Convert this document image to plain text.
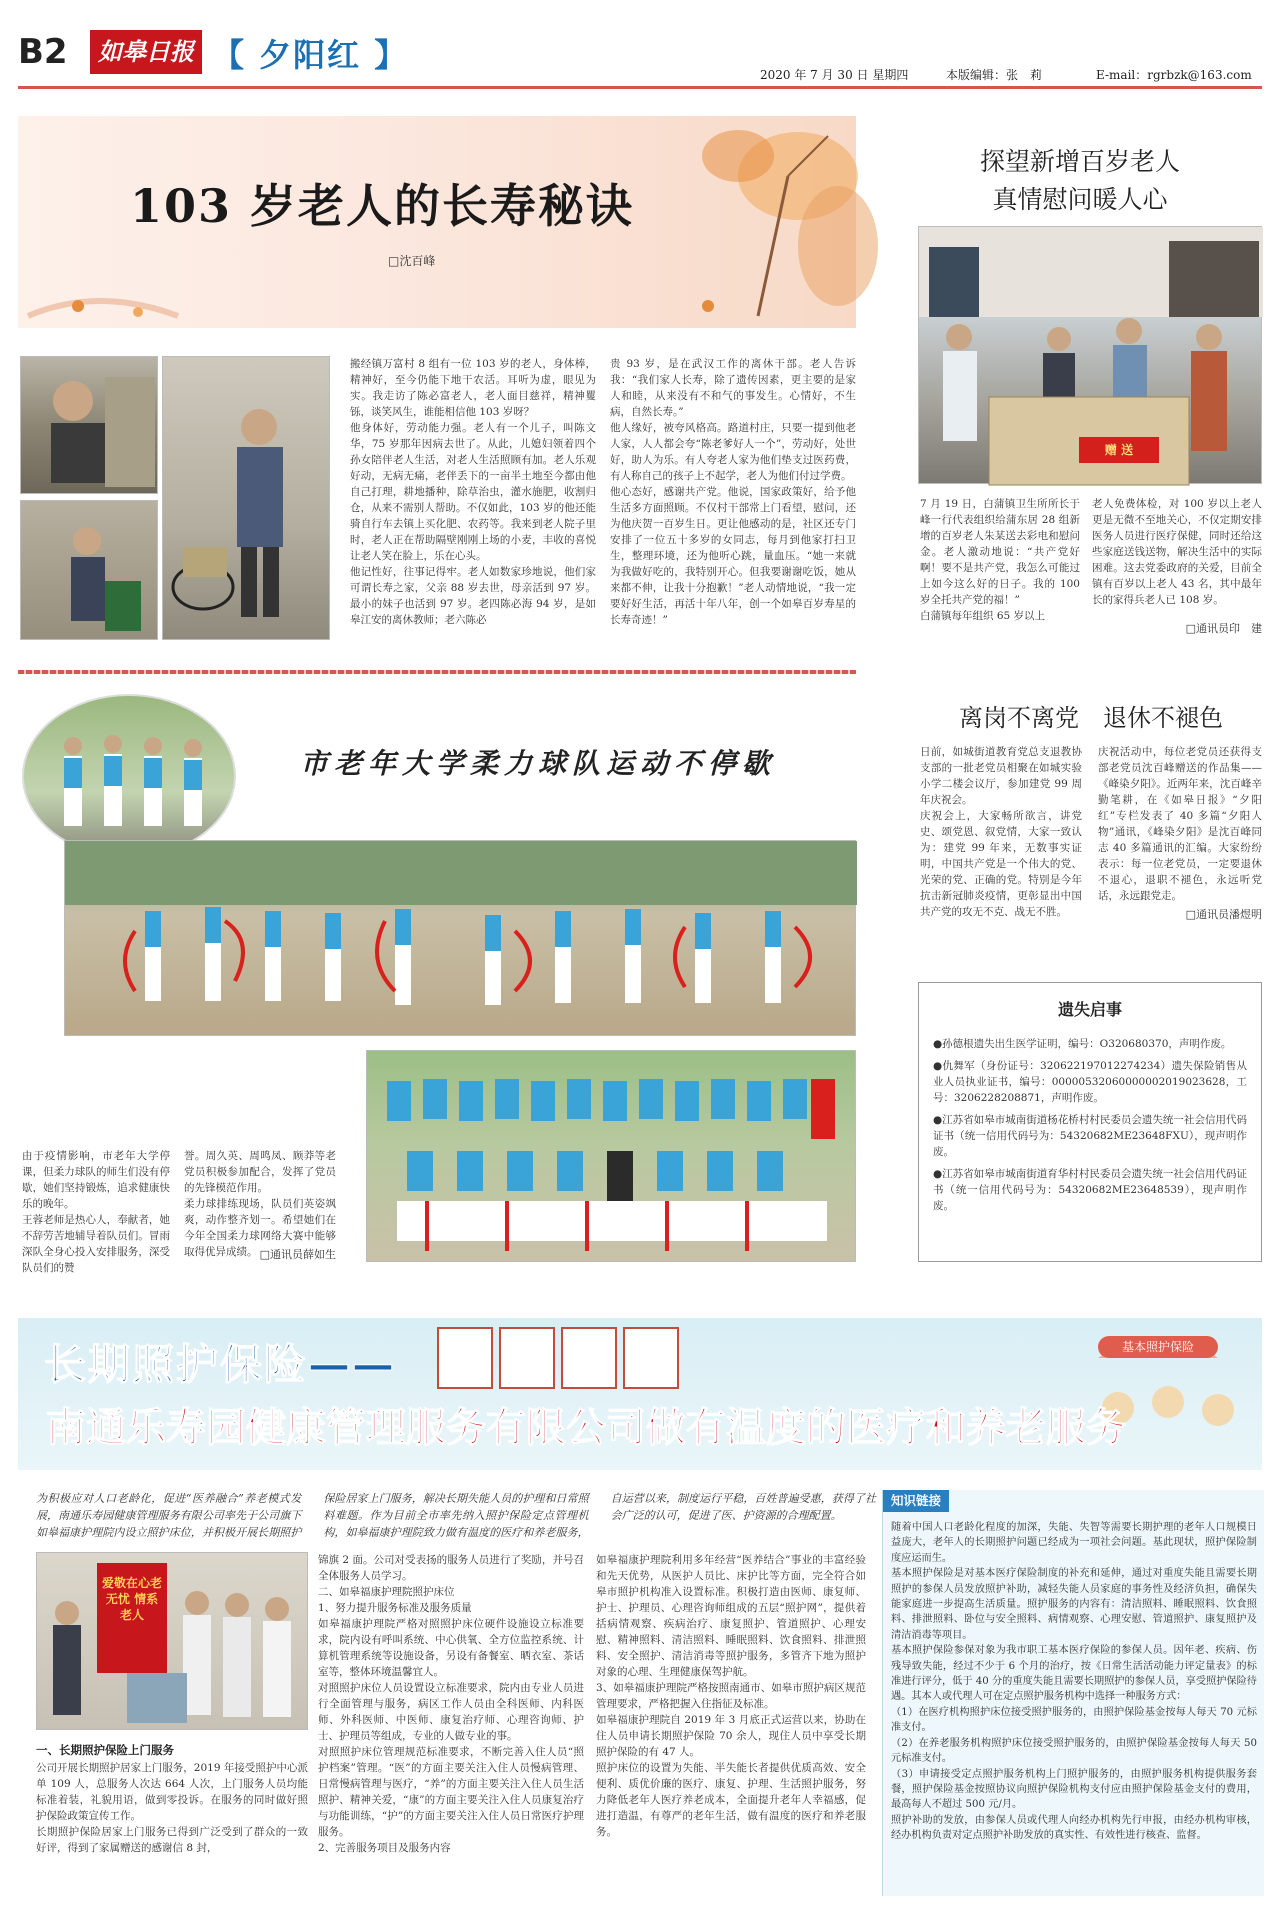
B2	如皋日报 【 夕阳红 】
2020 年 7 月 30 日 星期四	本版编辑：张　莉	E-mail：rgrbzk@163.com
103 岁老人的长寿秘诀
□沈百峰
搬经镇万富村 8 组有一位 103 岁的老人，身体棒，精神好，至今仍能下地干农活。耳听为虚，眼见为实。我走访了陈必富老人，老人面目慈祥，精神矍铄，谈笑风生，谁能相信他 103 岁呀？
他身体好，劳动能力强。老人有一个儿子，叫陈文华，75 岁那年因病去世了。从此，儿媳妇领着四个孙女陪伴老人生活，对老人生活照顾有加。老人乐观好动，无病无痛，老伴丢下的一亩半土地至今都由他自己打理，耕地播种，除草治虫，灌水施肥，收割归仓，从来不需别人帮助。不仅如此，103 岁的他还能骑自行车去镇上买化肥、农药等。我来到老人院子里时，老人正在帮助隔壁刚刚上场的小麦，丰收的喜悦让老人笑在脸上，乐在心头。
他记性好，往事记得牢。老人如数家珍地说，他们家可谓长寿之家，父亲 88 岁去世，母亲活到 97 岁。最小的妹子也活到 97 岁。老四陈必海 94 岁，是如皋江安的离休教师；老六陈必
贵 93 岁，是在武汉工作的离休干部。老人告诉我：“我们家人长寿，除了遗传因素，更主要的是家人和睦，从来没有不和气的事发生。心情好，不生病，自然长寿。”
他人缘好，被夸风格高。路道村庄，只要一提到他老人家，人人都会夸“陈老爹好人一个”，劳动好，处世好，助人为乐。有人夸老人家为他们垫支过医药费，有人称自己的孩子上不起学，老人为他们付过学费。
他心态好，感谢共产党。他说，国家政策好，给予他生活多方面照顾。不仅村干部常上门看望，慰问，还为他庆贺一百岁生日。更让他感动的是，社区还专门安排了一位五十多岁的女同志，每月到他家打扫卫生，整理环境，还为他听心跳，量血压。“她一来就为我做好吃的，我特别开心。但我要谢谢吃饭，她从来都不伸，让我十分抱歉！”老人动情地说，“我一定要好好生活，再活十年八年，创一个如皋百岁寿星的长寿奇迹！”
探望新增百岁老人
真情慰问暖人心
赠 送
7 月 19 日，白蒲镇卫生所所长于峰一行代表组织给蒲东居 28 组新增的百岁老人朱某送去彩电和慰问金。老人激动地说：“共产党好啊！要不是共产党，我怎么可能过上如今这么好的日子。我的 100 岁全托共产党的福！”
白蒲镇每年组织 65 岁以上
老人免费体检，对 100 岁以上老人更是无微不至地关心，不仅定期安排医务人员进行医疗保健，同时还给这些家庭送钱送物，解决生活中的实际困难。这去党委政府的关爱，目前全镇有百岁以上老人 43 名，其中最年长的家得兵老人已 108 岁。
□通讯员印　建
市老年大学柔力球队运动不停歇
由于疫情影响，市老年大学停课，但柔力球队的师生们没有停歇，她们坚持锻炼，追求健康快乐的晚年。
王蓉老师是热心人，奉献者，她不辞劳苦地辅导着队员们。冒雨深队全身心投入安排服务，深受队员们的赞
誉。周久英、周鸣凤、顾莽等老党员积极参加配合，发挥了党员的先锋模范作用。
柔力球排练现场，队员们英姿飒爽，动作整齐划一。希望她们在今年全国柔力球网络大赛中能够取得优异成绩。 □通讯员薛如生
离岗不离党　退休不褪色
日前，如城街道教育党总支退教协支部的一批老党员相聚在如城实验小学二楼会议厅，参加建党 99 周年庆祝会。
庆祝会上，大家畅所欲言，讲党史、颂党恩、叙党情，大家一致认为：建党 99 年来，无数事实证明，中国共产党是一个伟大的党、光荣的党、正确的党。特别是今年抗击新冠肺炎疫情，更彰显出中国共产党的攻无不克、战无不胜。
庆祝活动中，每位老党员还获得支部老党员沈百峰赠送的作品集——《峰染夕阳》。近两年来，沈百峰辛勤笔耕，在《如皋日报》“夕阳红”专栏发表了 40 多篇“夕阳人物”通讯，《峰染夕阳》是沈百峰同志 40 多篇通讯的汇编。大家纷纷表示：每一位老党员，一定要退休不退心，退职不褪色，永远听党话，永远跟党走。
□通讯员潘煜明
遗失启事
●孙德根遗失出生医学证明，编号：O320680370，声明作废。
●仇舞军（身份证号：320622197012274234）遗失保险销售从业人员执业证书，编号：00000532060000002019023628，工号：3206228208871，声明作废。
●江苏省如皋市城南街道杨花桥村村民委员会遗失统一社会信用代码证书（统一信用代码号为：54320682ME23648FXU），现声明作废。
●江苏省如皋市城南街道育华村村民委员会遗失统一社会信用代码证书（统一信用代码号为：54320682ME23648539），现声明作废。
长期照护保险——
南通乐寿园健康管理服务有限公司做有温度的医疗和养老服务
基本照护保险
为积极应对人口老龄化，促进“医养融合”养老模式发展，南通乐寿园健康管理服务有限公司率先于公司旗下如皋福康护理院内设立照护床位，并积极开展长期照护保险居家上门服务，解决长期失能人员的护理和日常照料难题。作为目前全市率先纳入照护保险定点管理机构，如皋福康护理院致力做有温度的医疗和养老服务，自运营以来，制度运行平稳，百姓普遍受惠，获得了社会广泛的认可，促进了医、护资源的合理配置。
爱敬在心老无忧 情系老人
一、长期照护保险上门服务
公司开展长期照护居家上门服务，2019 年接受照护中心派单 109 人，总服务人次达 664 人次，上门服务人员均能标准着装，礼貌用语，做到零投诉。在服务的同时做好照护保险政策宣传工作。
长期照护保险居家上门服务已得到广泛受到了群众的一致好评，得到了家属赠送的感谢信 8 封，
锦旗 2 面。公司对受表扬的服务人员进行了奖励，并号召全体服务人员学习。
二、如皋福康护理院照护床位
1、努力提升服务标准及服务质量
如皋福康护理院严格对照照护床位硬件设施设立标准要求，院内设有呼叫系统、中心供氧、全方位监控系统、计算机管理系统等设施设备，另设有备餐室、晒衣室、茶话室等，整体环境温馨宜人。
对照照护床位人员设置设立标准要求，院内由专业人员进行全面管理与服务，病区工作人员由全科医师、内科医师、外科医师、中医师、康复治疗师、心理咨询师、护士、护理员等组成，专业的人做专业的事。
对照照护床位管理规范标准要求，不断完善入住人员“照护档案”管理。“医”的方面主要关注入住人员慢病管理、日常慢病管理与医疗，“养”的方面主要关注入住人员生活照护、精神关爱，“康”的方面主要关注入住人员康复治疗与功能训练，“护”的方面主要关注入住人员日常医疗护理服务。
2、完善服务项目及服务内容
如皋福康护理院利用多年经营“医养结合”事业的丰富经验和先天优势，从医护人员比、床护比等方面，完全符合如皋市照护机构准入设置标准。积极打造由医师、康复师、护士、护理员、心理咨询师组成的五层“照护网”，提供着括病情观察、疾病治疗、康复照护、管道照护、心理安慰、精神照料、清洁照料、睡眠照料、饮食照料、排泄照料、安全照护、清洁消毒等照护服务，多管齐下地为照护对象的心理、生理健康保驾护航。
3、如皋福康护理院严格按照南通市、如皋市照护病区规范管理要求，严格把握入住指征及标准。
如皋福康护理院自 2019 年 3 月底正式运营以来，协助在住人员申请长期照护保险 70 余人，现住人员中享受长期照护保险的有 47 人。
照护床位的设置为失能、半失能长者提供优质高效、安全便利、质优价廉的医疗、康复、护理、生活照护服务，努力降低老年人医疗养老成本，全面提升老年人幸福感，促进打造温，有尊严的老年生活，做有温度的医疗和养老服务。
知识链接
随着中国人口老龄化程度的加深，失能、失智等需要长期护理的老年人口规模日益庞大，老年人的长期照护问题已经成为一项社会问题。基此现状，照护保险制度应运而生。
基本照护保险是对基本医疗保险制度的补充和延伸，通过对重度失能且需要长期照护的参保人员发放照护补助，减轻失能人员家庭的事务性及经济负担，确保失能家庭进一步提高生活质量。照护服务的内容有：清洁照料、睡眠照料、饮食照料、排泄照料、卧位与安全照料、病情观察、心理安慰、管道照护、康复照护及清洁消毒等项目。
基本照护保险参保对象为我市职工基本医疗保险的参保人员。因年老、疾病、伤残导致失能，经过不少于 6 个月的治疗，按《日常生活活动能力评定量表》的标准进行评分，低于 40 分的重度失能且需要长期照护的参保人员，享受照护保险待遇。其本人或代理人可在定点照护服务机构中选择一种服务方式：
（1）在医疗机构照护床位接受照护服务的，由照护保险基金按每人每天 70 元标准支付。
（2）在养老服务机构照护床位接受照护服务的，由照护保险基金按每人每天 50 元标准支付。
（3）申请接受定点照护服务机构上门照护服务的，由照护服务机构提供服务套餐，照护保险基金按照协议向照护保险机构支付应由照护保险基金支付的费用，最高每人不超过 500 元/月。
照护补助的发放，由参保人员或代理人向经办机构先行申报，由经办机构审核，经办机构负责对定点照护补助发放的真实性、有效性进行核查、监督。
